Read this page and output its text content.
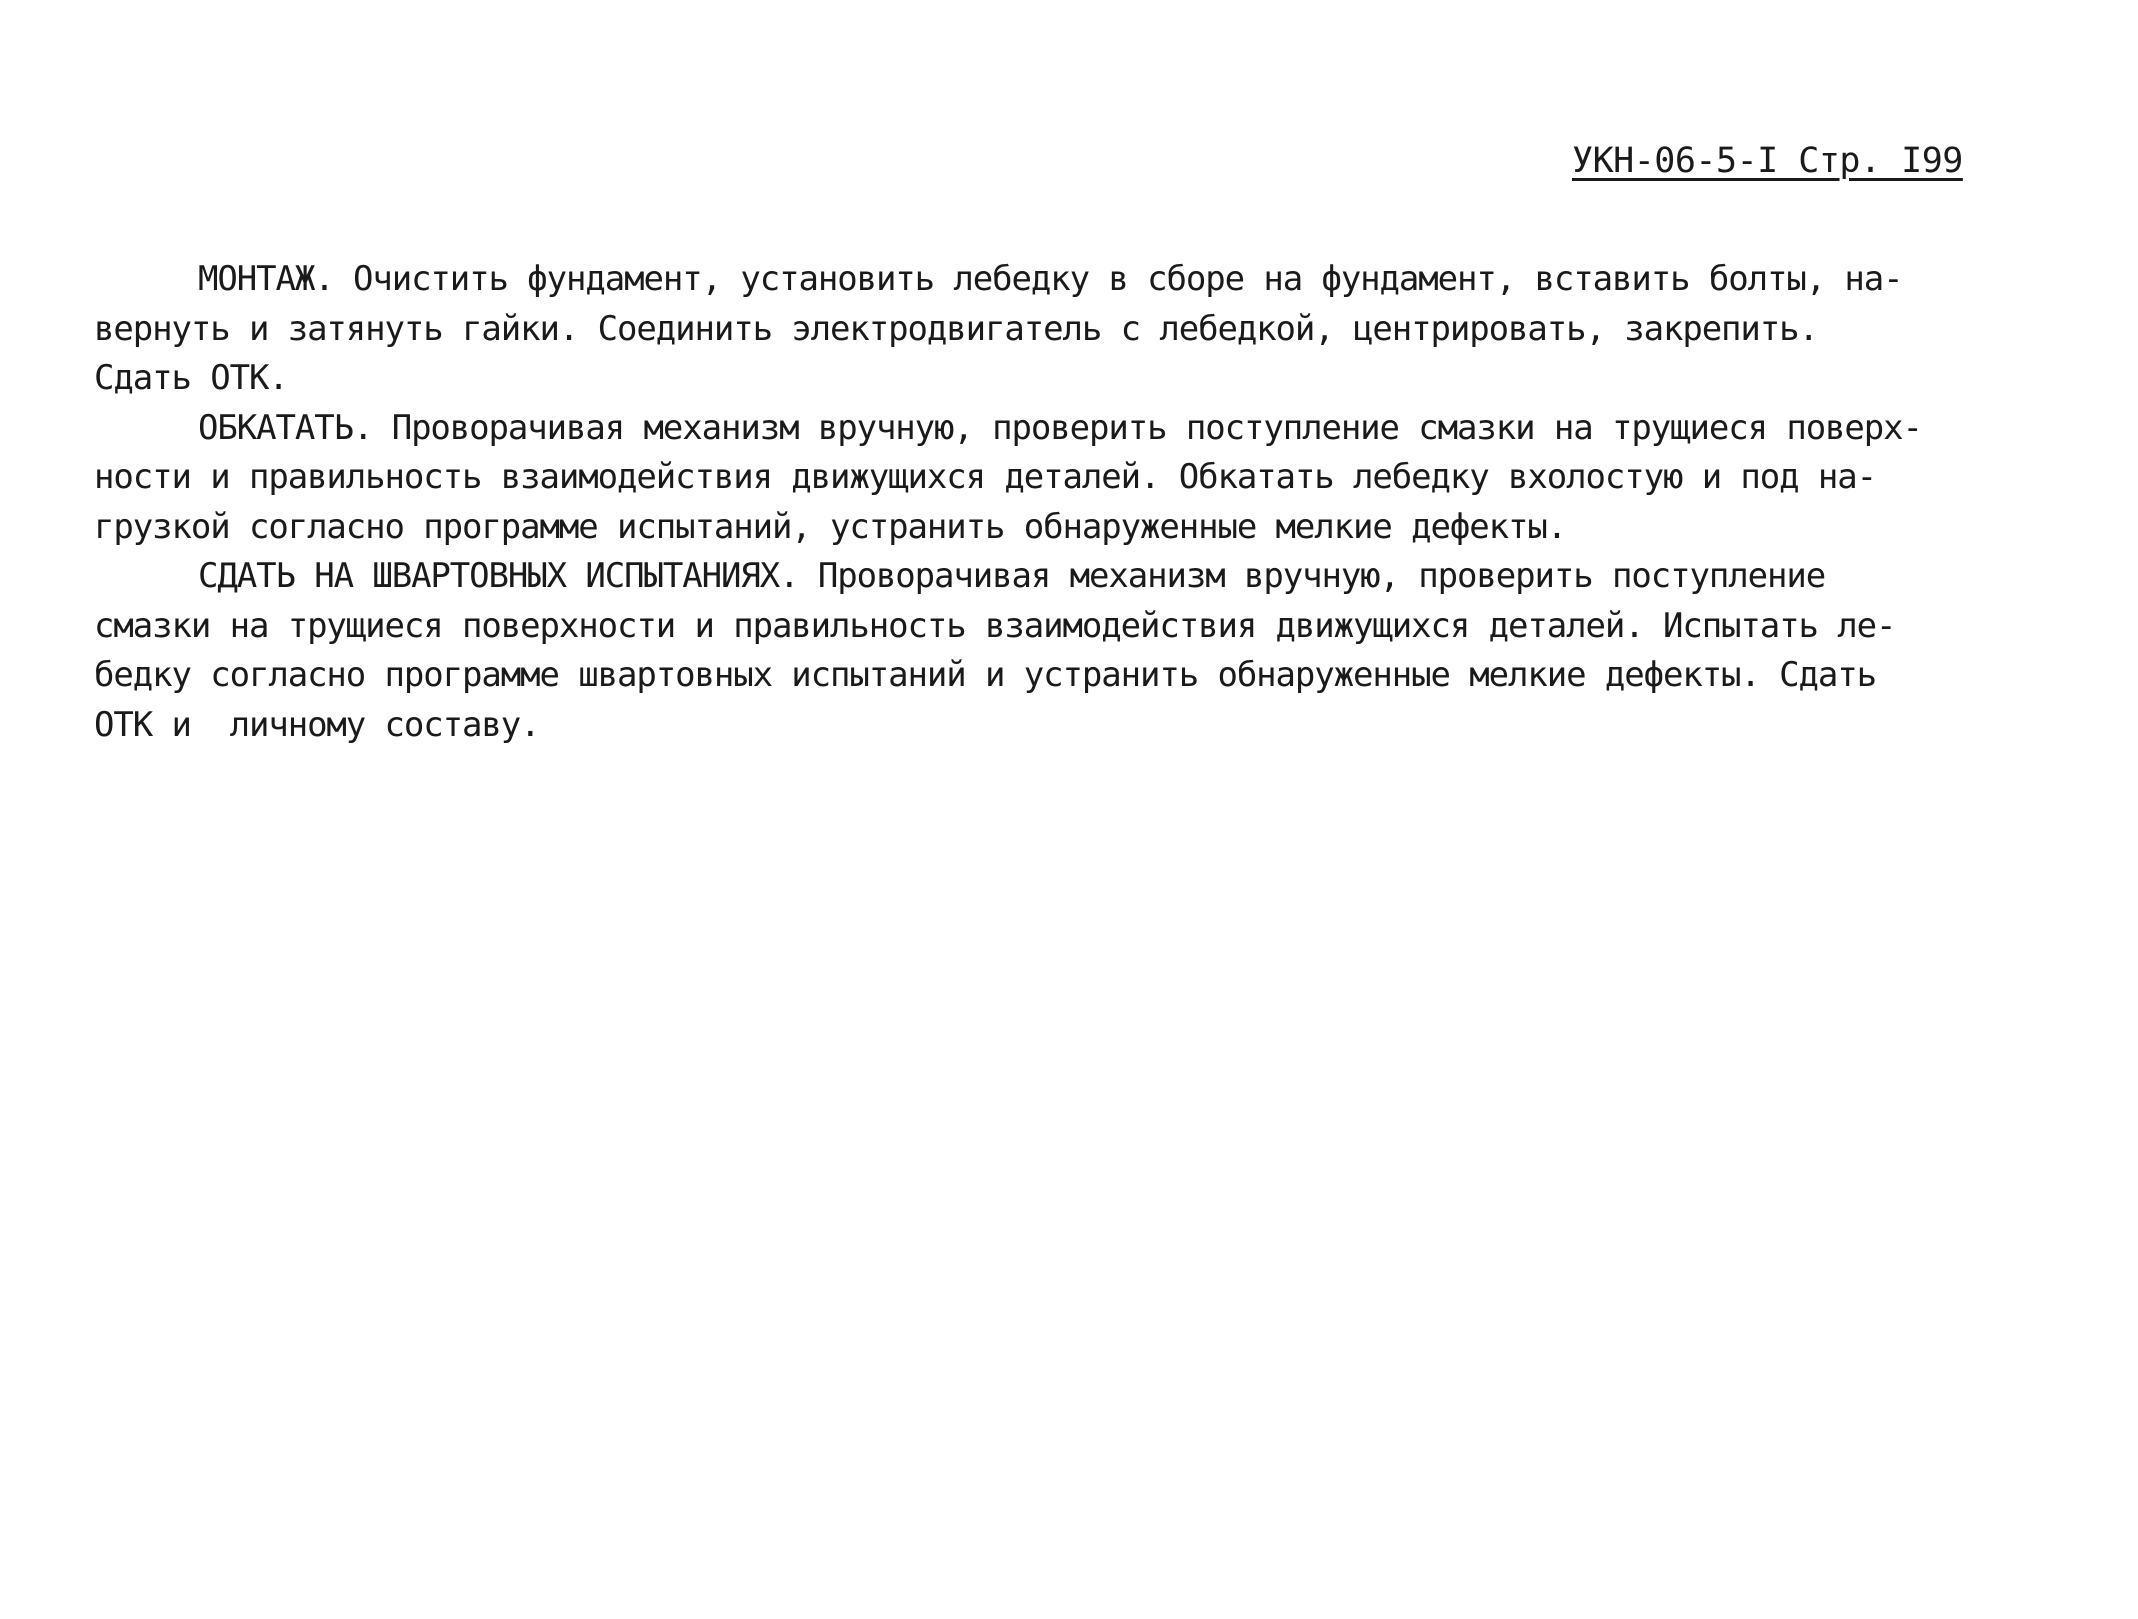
УКН-06-5-I Стр. I99
МОНТАЖ. Очистить фундамент, установить лебедку в сборе на фундамент, вставить болты, на-
вернуть и затянуть гайки. Соединить электродвигатель с лебедкой, центрировать, закрепить.
Сдать ОТК.
ОБКАТАТЬ. Проворачивая механизм вручную, проверить поступление смазки на трущиеся поверх-
ности и правильность взаимодействия движущихся деталей. Обкатать лебедку вхолостую и под на-
грузкой согласно программе испытаний, устранить обнаруженные мелкие дефекты.
СДАТЬ НА ШВАРТОВНЫХ ИСПЫТАНИЯХ. Проворачивая механизм вручную, проверить поступление
смазки на трущиеся поверхности и правильность взаимодействия движущихся деталей. Испытать ле-
бедку согласно программе швартовных испытаний и устранить обнаруженные мелкие дефекты. Сдать
ОТК и  личному составу.
